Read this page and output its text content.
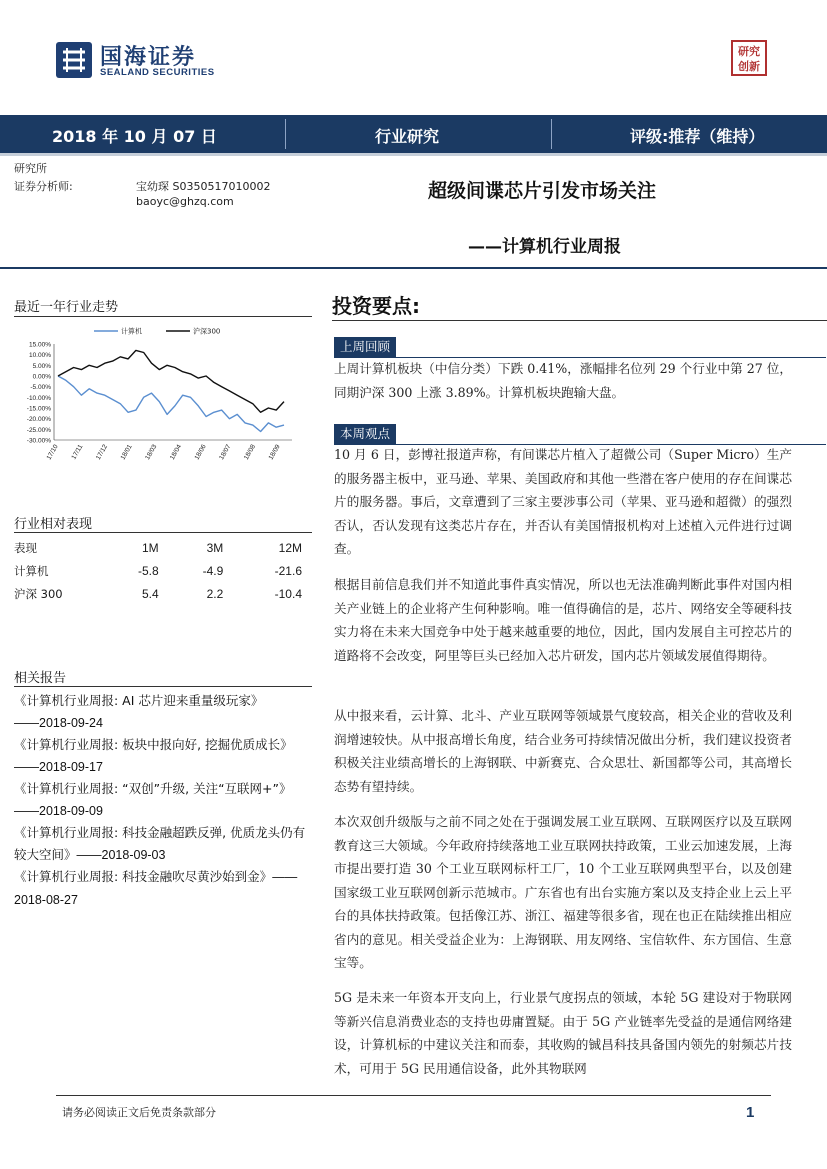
国海证券
SEALAND SECURITIES
研究
创新
2018 年 10 月 07 日	行业研究	评级:推荐（维持）
研究所
证券分析师:	宝幼琛 S0350517010002
baoyc@ghzq.com	超级间谍芯片引发市场关注
——计算机行业周报
最近一年行业走势
15.00%
10.00%
5.00%
0.00%
-5.00%
-10.00%
-15.00%
-20.00%
-25.00%
-30.00%
17/10 17/11 17/12 18/01 18/03 18/04 18/06 18/07 18/08 18/09
计算机	沪深300
行业相对表现
表现	1M	3M	12M
计算机	-5.8	-4.9	-21.6
沪深 300	5.4	2.2	-10.4
相关报告
《计算机行业周报: AI 芯片迎来重量级玩家》
——2018-09-24
《计算机行业周报: 板块中报向好, 挖掘优质成长》——2018-09-17
《计算机行业周报: “双创”升级, 关注“互联网+”》——2018-09-09
《计算机行业周报: 科技金融超跌反弹, 优质龙头仍有较大空间》——2018-09-03
《计算机行业周报: 科技金融吹尽黄沙始到金》——2018-08-27
投资要点:
上周回顾
上周计算机板块（中信分类）下跌 0.41%，涨幅排名位列 29 个行业中第 27 位，同期沪深 300 上涨 3.89%。计算机板块跑输大盘。
本周观点
10 月 6 日，彭博社报道声称，有间谍芯片植入了超微公司（Super Micro）生产的服务器主板中，亚马逊、苹果、美国政府和其他一些潜在客户使用的存在间谍芯片的服务器。事后，文章遭到了三家主要涉事公司（苹果、亚马逊和超微）的强烈否认，否认发现有这类芯片存在，并否认有美国情报机构对上述植入元件进行过调查。
根据目前信息我们并不知道此事件真实情况，所以也无法准确判断此事件对国内相关产业链上的企业将产生何种影响。唯一值得确信的是，芯片、网络安全等硬科技实力将在未来大国竞争中处于越来越重要的地位，因此，国内发展自主可控芯片的道路将不会改变，阿里等巨头已经加入芯片研发，国内芯片领域发展值得期待。
从中报来看，云计算、北斗、产业互联网等领域景气度较高，相关企业的营收及利润增速较快。从中报高增长角度，结合业务可持续情况做出分析，我们建议投资者积极关注业绩高增长的上海钢联、中新赛克、合众思壮、新国都等公司，其高增长态势有望持续。
本次双创升级版与之前不同之处在于强调发展工业互联网、互联网医疗以及互联网教育这三大领域。今年政府持续落地工业互联网扶持政策，工业云加速发展，上海市提出要打造 30 个工业互联网标杆工厂，10 个工业互联网典型平台，以及创建国家级工业互联网创新示范城市。广东省也有出台实施方案以及支持企业上云上平台的具体扶持政策。包括像江苏、浙江、福建等很多省，现在也正在陆续推出相应省内的意见。相关受益企业为：上海钢联、用友网络、宝信软件、东方国信、生意宝等。
5G 是未来一年资本开支向上，行业景气度拐点的领域，本轮 5G 建设对于物联网等新兴信息消费业态的支持也毋庸置疑。由于 5G 产业链率先受益的是通信网络建设，计算机标的中建议关注和而泰，其收购的铖昌科技具备国内领先的射频芯片技术，可用于 5G 民用通信设备，此外其物联网
请务必阅读正文后免责条款部分	1
